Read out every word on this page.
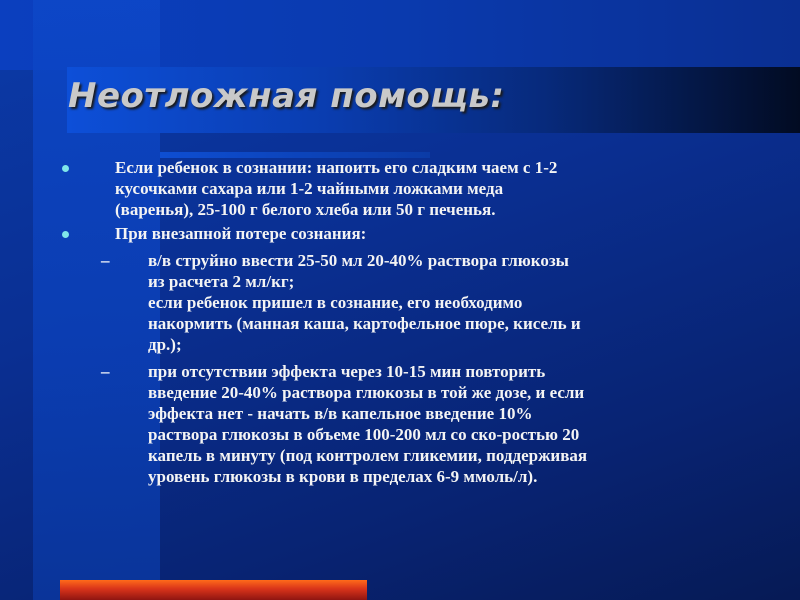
Неотложная помощь:
Если ребенок в сознании: напоить его сладким чаем с 1-2
кусочками сахара или 1-2 чайными ложками меда
(варенья), 25-100 г белого хлеба или 50 г печенья.
При внезапной потере сознания:
– в/в струйно ввести 25-50 мл 20-40% раствора глюкозы
из расчета 2 мл/кг;
если ребенок пришел в сознание, его необходимо
накормить (манная каша, картофельное пюре, кисель и
др.);
– при отсутствии эффекта через 10-15 мин повторить
введение 20-40% раствора глюкозы в той же дозе, и если
эффекта нет - начать в/в капельное введение 10%
раствора глюкозы в объеме 100-200 мл со ско-ростью 20
капель в минуту (под контролем гликемии, поддерживая
уровень глюкозы в крови в пределах 6-9 ммоль/л).
